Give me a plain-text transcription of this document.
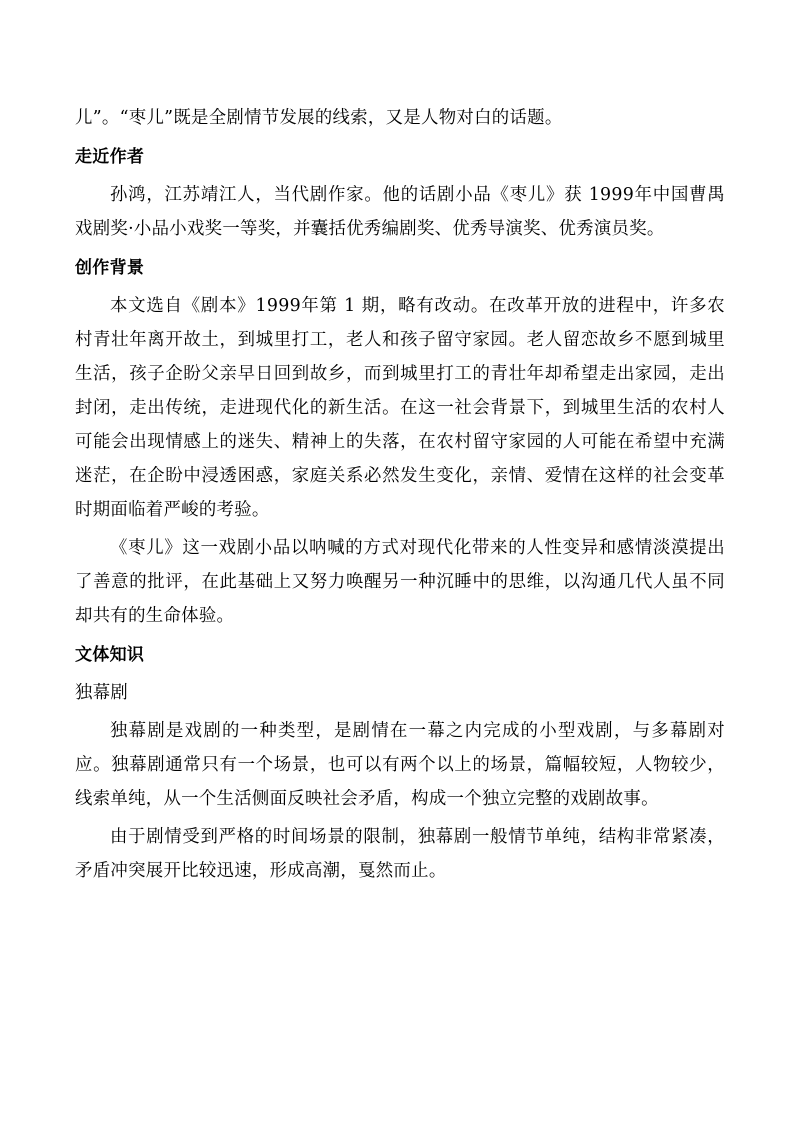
儿”。“枣儿”既是全剧情节发展的线索，又是人物对白的话题。

走近作者

孙鸿，江苏靖江人，当代剧作家。他的话剧小品《枣儿》获 1999年中国曹禺戏剧奖·小品小戏奖一等奖，并囊括优秀编剧奖、优秀导演奖、优秀演员奖。

创作背景

本文选自《剧本》1999年第 1 期，略有改动。在改革开放的进程中，许多农村青壮年离开故土，到城里打工，老人和孩子留守家园。老人留恋故乡不愿到城里生活，孩子企盼父亲早日回到故乡，而到城里打工的青壮年却希望走出家园，走出封闭，走出传统，走进现代化的新生活。在这一社会背景下，到城里生活的农村人可能会出现情感上的迷失、精神上的失落，在农村留守家园的人可能在希望中充满迷茫，在企盼中浸透困惑，家庭关系必然发生变化，亲情、爱情在这样的社会变革时期面临着严峻的考验。

《枣儿》这一戏剧小品以呐喊的方式对现代化带来的人性变异和感情淡漠提出了善意的批评，在此基础上又努力唤醒另一种沉睡中的思维，以沟通几代人虽不同却共有的生命体验。

文体知识
独幕剧

独幕剧是戏剧的一种类型，是剧情在一幕之内完成的小型戏剧，与多幕剧对应。独幕剧通常只有一个场景，也可以有两个以上的场景，篇幅较短，人物较少，线索单纯，从一个生活侧面反映社会矛盾，构成一个独立完整的戏剧故事。

由于剧情受到严格的时间场景的限制，独幕剧一般情节单纯，结构非常紧凑，矛盾冲突展开比较迅速，形成高潮，戛然而止。
